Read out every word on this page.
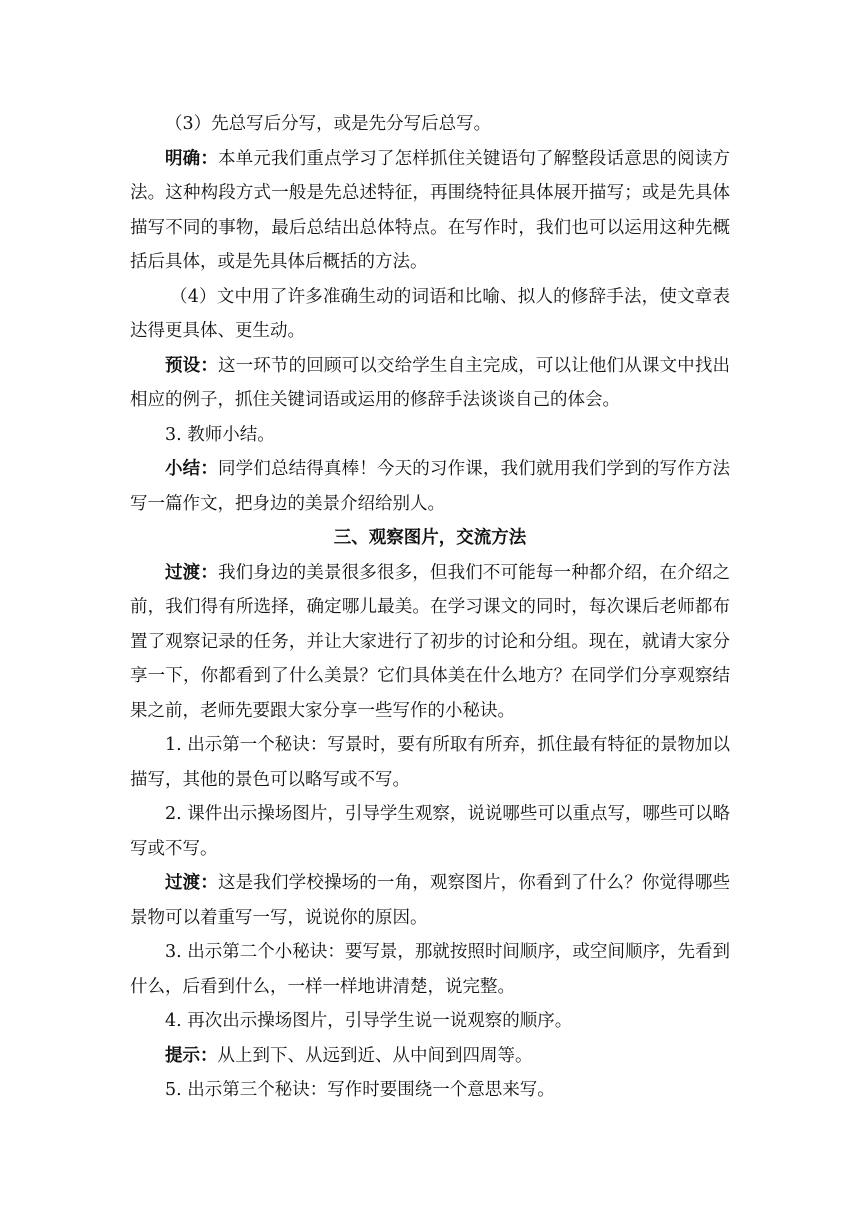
（3）先总写后分写，或是先分写后总写。

明确：本单元我们重点学习了怎样抓住关键语句了解整段话意思的阅读方法。这种构段方式一般是先总述特征，再围绕特征具体展开描写；或是先具体描写不同的事物，最后总结出总体特点。在写作时，我们也可以运用这种先概括后具体，或是先具体后概括的方法。

（4）文中用了许多准确生动的词语和比喻、拟人的修辞手法，使文章表达得更具体、更生动。

预设：这一环节的回顾可以交给学生自主完成，可以让他们从课文中找出相应的例子，抓住关键词语或运用的修辞手法谈谈自己的体会。

3. 教师小结。

小结：同学们总结得真棒！今天的习作课，我们就用我们学到的写作方法写一篇作文，把身边的美景介绍给别人。

三、观察图片，交流方法

过渡：我们身边的美景很多很多，但我们不可能每一种都介绍，在介绍之前，我们得有所选择，确定哪儿最美。在学习课文的同时，每次课后老师都布置了观察记录的任务，并让大家进行了初步的讨论和分组。现在，就请大家分享一下，你都看到了什么美景？它们具体美在什么地方？在同学们分享观察结果之前，老师先要跟大家分享一些写作的小秘诀。

1. 出示第一个秘诀：写景时，要有所取有所弃，抓住最有特征的景物加以描写，其他的景色可以略写或不写。

2. 课件出示操场图片，引导学生观察，说说哪些可以重点写，哪些可以略写或不写。

过渡：这是我们学校操场的一角，观察图片，你看到了什么？你觉得哪些景物可以着重写一写，说说你的原因。

3. 出示第二个小秘诀：要写景，那就按照时间顺序，或空间顺序，先看到什么，后看到什么，一样一样地讲清楚，说完整。

4. 再次出示操场图片，引导学生说一说观察的顺序。

提示：从上到下、从远到近、从中间到四周等。

5. 出示第三个秘诀：写作时要围绕一个意思来写。
